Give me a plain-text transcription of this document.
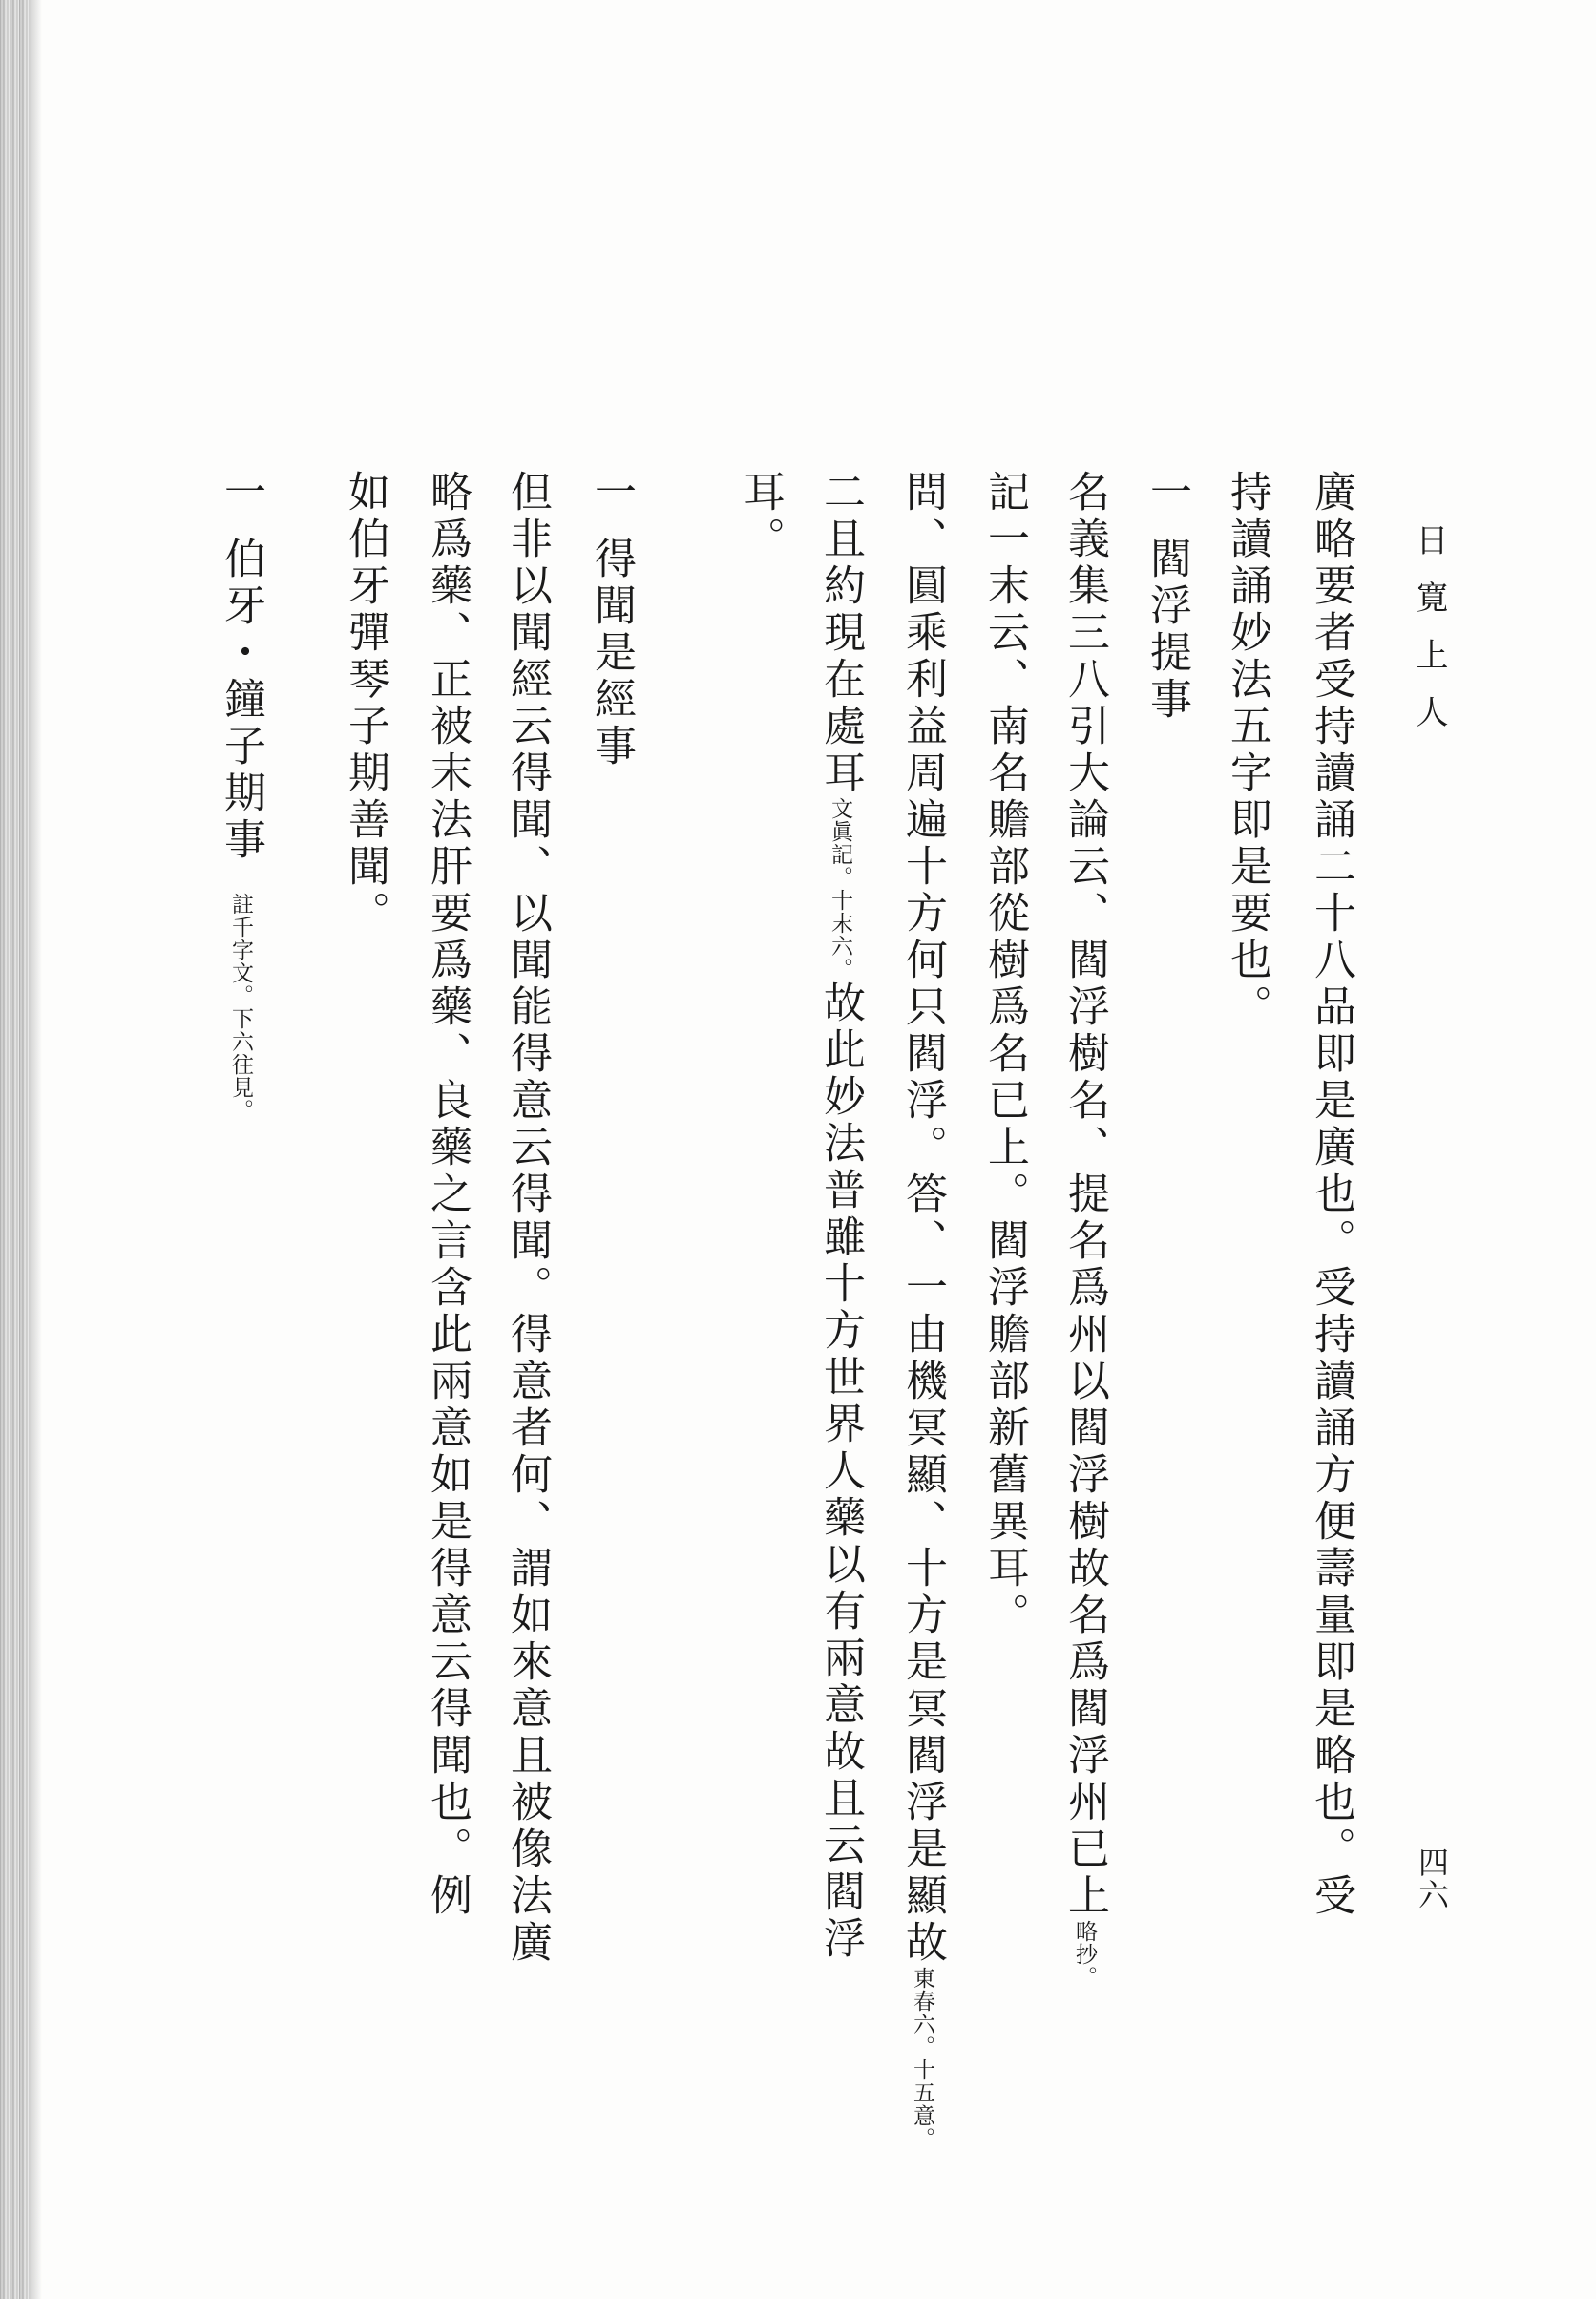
日寛上人
四六
廣略要者受持讀誦二十八品即是廣也。受持讀誦方便壽量即是略也。受
持讀誦妙法五字即是要也。
一
閻浮提事
名義集三八引大論云、閻浮樹名、提名爲州以閻浮樹故名爲閻浮州已上略抄。
記一末云、南名贍部從樹爲名已上。閻浮贍部新舊異耳。
問、圓乘利益周遍十方何只閻浮。答、一由機冥顯、十方是冥閻浮是顯故東春六。十五意。
二且約現在處耳文眞記。十末六。故此妙法普雖十方世界人藥以有兩意故且云閻浮
耳。
一
得聞是經事
但非以聞經云得聞、以聞能得意云得聞。得意者何、謂如來意且被像法廣
略爲藥、正被末法肝要爲藥、良藥之言含此兩意如是得意云得聞也。例
如伯牙彈琴子期善聞。
一
伯牙・鐘子期事註千字文。下六往見。
